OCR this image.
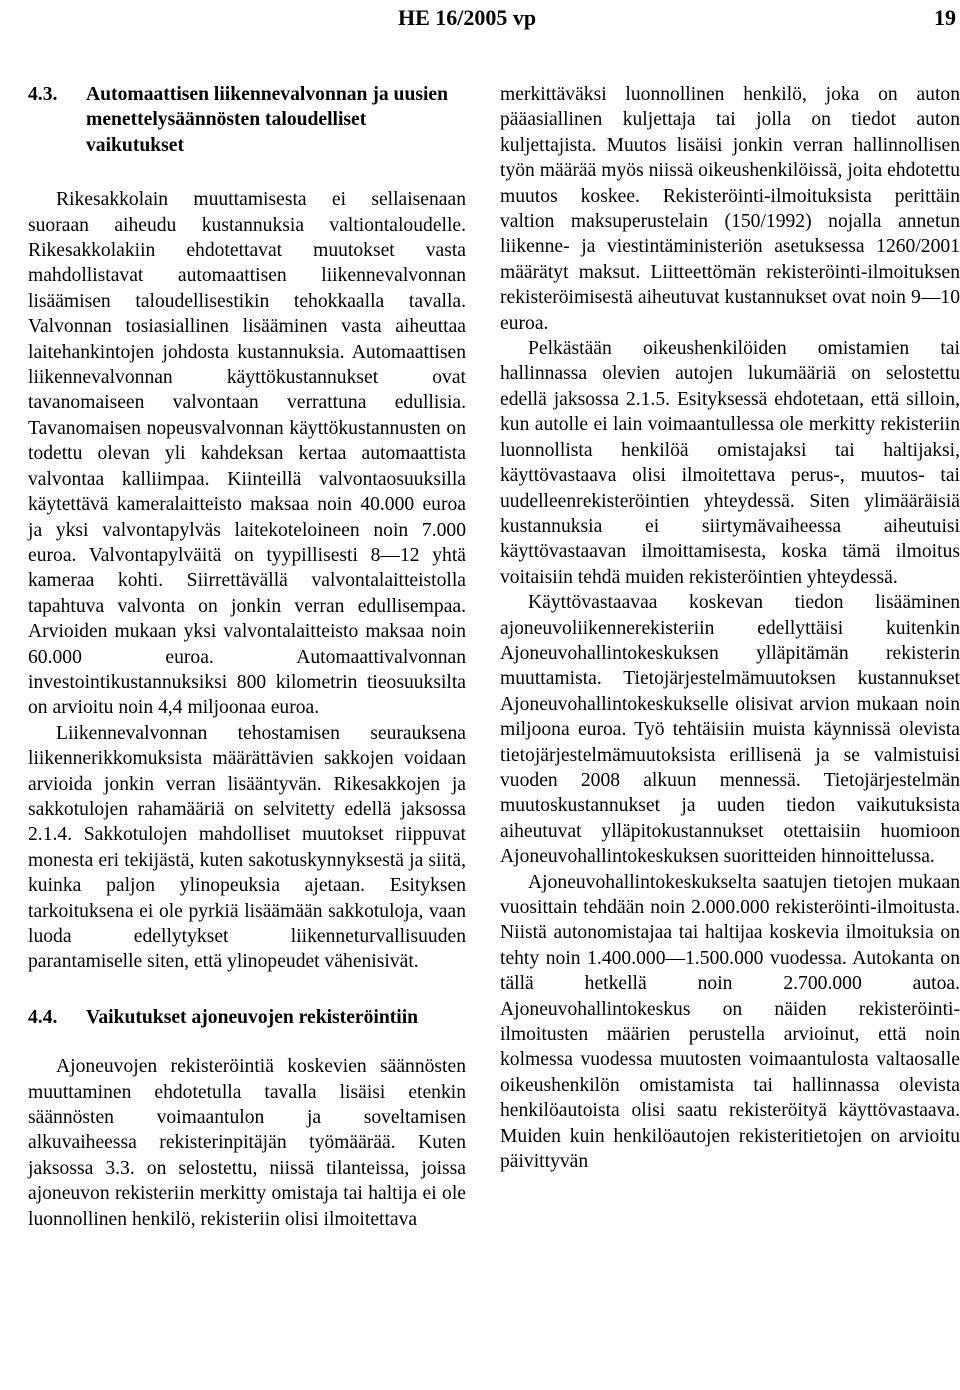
HE 16/2005 vp	19
4.3.	Automaattisen liikennevalvonnan ja uusien menettelysäännösten taloudelliset vaikutukset

Rikesakkolain muuttamisesta ei sellaisenaan suoraan aiheudu kustannuksia valtiontaloudelle. Rikesakkolakiin ehdotettavat muutokset vasta mahdollistavat automaattisen liikennevalvonnan lisäämisen taloudellisestikin tehokkaalla tavalla. Valvonnan tosiasiallinen lisääminen vasta aiheuttaa laitehankintojen johdosta kustannuksia. Automaattisen liikennevalvonnan käyttökustannukset ovat tavanomaiseen valvontaan verrattuna edullisia. Tavanomaisen nopeusvalvonnan käyttökustannusten on todettu olevan yli kahdeksan kertaa automaattista valvontaa kalliimpaa. Kiinteillä valvontaosuuksilla käytettävä kameralaitteisto maksaa noin 40.000 euroa ja yksi valvontapylväs laitekoteloineen noin 7.000 euroa. Valvontapylväitä on tyypillisesti 8—12 yhtä kameraa kohti. Siirrettävällä valvontalaitteistolla tapahtuva valvonta on jonkin verran edullisempaa. Arvioiden mukaan yksi valvontalaitteisto maksaa noin 60.000 euroa. Automaattivalvonnan investointikustannuksiksi 800 kilometrin tieosuuksilta on arvioitu noin 4,4 miljoonaa euroa.

Liikennevalvonnan tehostamisen seurauksena liikennerikkomuksista määrättävien sakkojen voidaan arvioida jonkin verran lisääntyvän. Rikesakkojen ja sakkotulojen rahamääriä on selvitetty edellä jaksossa 2.1.4. Sakkotulojen mahdolliset muutokset riippuvat monesta eri tekijästä, kuten sakotuskynnyksestä ja siitä, kuinka paljon ylinopeuksia ajetaan. Esityksen tarkoituksena ei ole pyrkiä lisäämään sakkotuloja, vaan luoda edellytykset liikenneturvallisuuden parantamiselle siten, että ylinopeudet vähenisivät.

4.4.	Vaikutukset ajoneuvojen rekisteröintiin

Ajoneuvojen rekisteröintiä koskevien säännösten muuttaminen ehdotetulla tavalla lisäisi etenkin säännösten voimaantulon ja soveltamisen alkuvaiheessa rekisterinpitäjän työmäärää. Kuten jaksossa 3.3. on selostettu, niissä tilanteissa, joissa ajoneuvon rekisteriin merkitty omistaja tai haltija ei ole luonnollinen henkilö, rekisteriin olisi ilmoitettava

merkittäväksi luonnollinen henkilö, joka on auton pääasiallinen kuljettaja tai jolla on tiedot auton kuljettajista. Muutos lisäisi jonkin verran hallinnollisen työn määrää myös niissä oikeushenkilöissä, joita ehdotettu muutos koskee. Rekisteröinti-ilmoituksista perittäin valtion maksuperustelain (150/1992) nojalla annetun liikenne- ja viestintäministeriön asetuksessa 1260/2001 määrätyt maksut. Liitteettömän rekisteröinti-ilmoituksen rekisteröimisestä aiheutuvat kustannukset ovat noin 9—10 euroa.

Pelkästään oikeushenkilöiden omistamien tai hallinnassa olevien autojen lukumääriä on selostettu edellä jaksossa 2.1.5. Esityksessä ehdotetaan, että silloin, kun autolle ei lain voimaantullessa ole merkitty rekisteriin luonnollista henkilöä omistajaksi tai haltijaksi, käyttövastaava olisi ilmoitettava perus-, muutos- tai uudelleenrekisteröintien yhteydessä. Siten ylimääräisiä kustannuksia ei siirtymävaiheessa aiheutuisi käyttövastaavan ilmoittamisesta, koska tämä ilmoitus voitaisiin tehdä muiden rekisteröintien yhteydessä.

Käyttövastaavaa koskevan tiedon lisääminen ajoneuvoliikennerekisteriin edellyttäisi kuitenkin Ajoneuvohallintokeskuksen ylläpitämän rekisterin muuttamista. Tietojärjestelmämuutoksen kustannukset Ajoneuvohallintokeskukselle olisivat arvion mukaan noin miljoona euroa. Työ tehtäisiin muista käynnissä olevista tietojärjestelmämuutoksista erillisenä ja se valmistuisi vuoden 2008 alkuun mennessä. Tietojärjestelmän muutoskustannukset ja uuden tiedon vaikutuksista aiheutuvat ylläpitokustannukset otettaisiin huomioon Ajoneuvohallintokeskuksen suoritteiden hinnoittelussa.

Ajoneuvohallintokeskukselta saatujen tietojen mukaan vuosittain tehdään noin 2.000.000 rekisteröinti-ilmoitusta. Niistä autonomistajaa tai haltijaa koskevia ilmoituksia on tehty noin 1.400.000—1.500.000 vuodessa. Autokanta on tällä hetkellä noin 2.700.000 autoa. Ajoneuvohallintokeskus on näiden rekisteröinti-ilmoitusten määrien perustella arvioinut, että noin kolmessa vuodessa muutosten voimaantulosta valtaosalle oikeushenkilön omistamista tai hallinnassa olevista henkilöautoista olisi saatu rekisteröityä käyttövastaava. Muiden kuin henkilöautojen rekisteritietojen on arvioitu päivittyvän
